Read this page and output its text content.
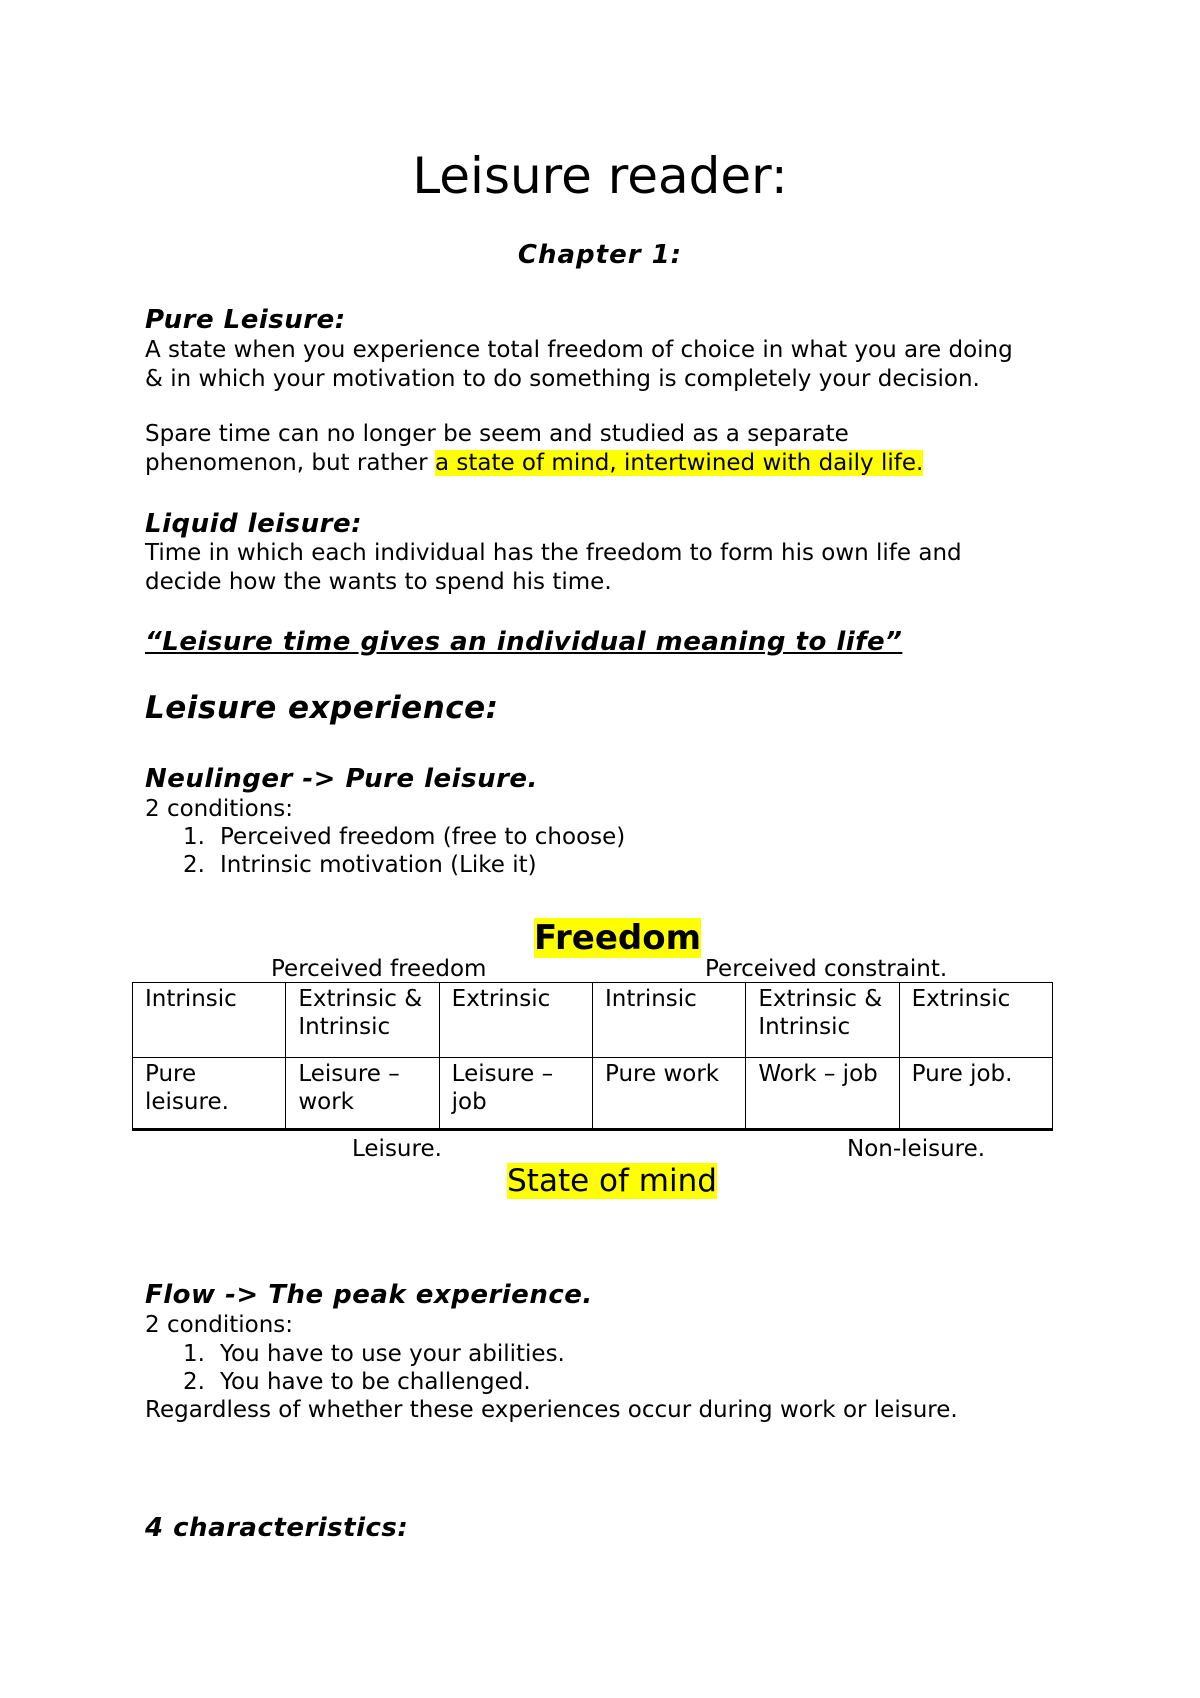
Leisure reader:
Chapter 1:
Pure Leisure:
A state when you experience total freedom of choice in what you are doing
& in which your motivation to do something is completely your decision.
Spare time can no longer be seem and studied as a separate
phenomenon, but rather a state of mind, intertwined with daily life.
Liquid leisure:
Time in which each individual has the freedom to form his own life and
decide how the wants to spend his time.
“Leisure time gives an individual meaning to life”
Leisure experience:
Neulinger -> Pure leisure.
2 conditions:
1. Perceived freedom (free to choose)
2. Intrinsic motivation (Like it)
Freedom
Perceived freedom	Perceived constraint.
Intrinsic	Extrinsic & Intrinsic	Extrinsic	Intrinsic	Extrinsic & Intrinsic	Extrinsic
Pure leisure.	Leisure – work	Leisure – job	Pure work	Work – job	Pure job.
Leisure.	Non-leisure.
State of mind
Flow -> The peak experience.
2 conditions:
1. You have to use your abilities.
2. You have to be challenged.
Regardless of whether these experiences occur during work or leisure.
4 characteristics:
